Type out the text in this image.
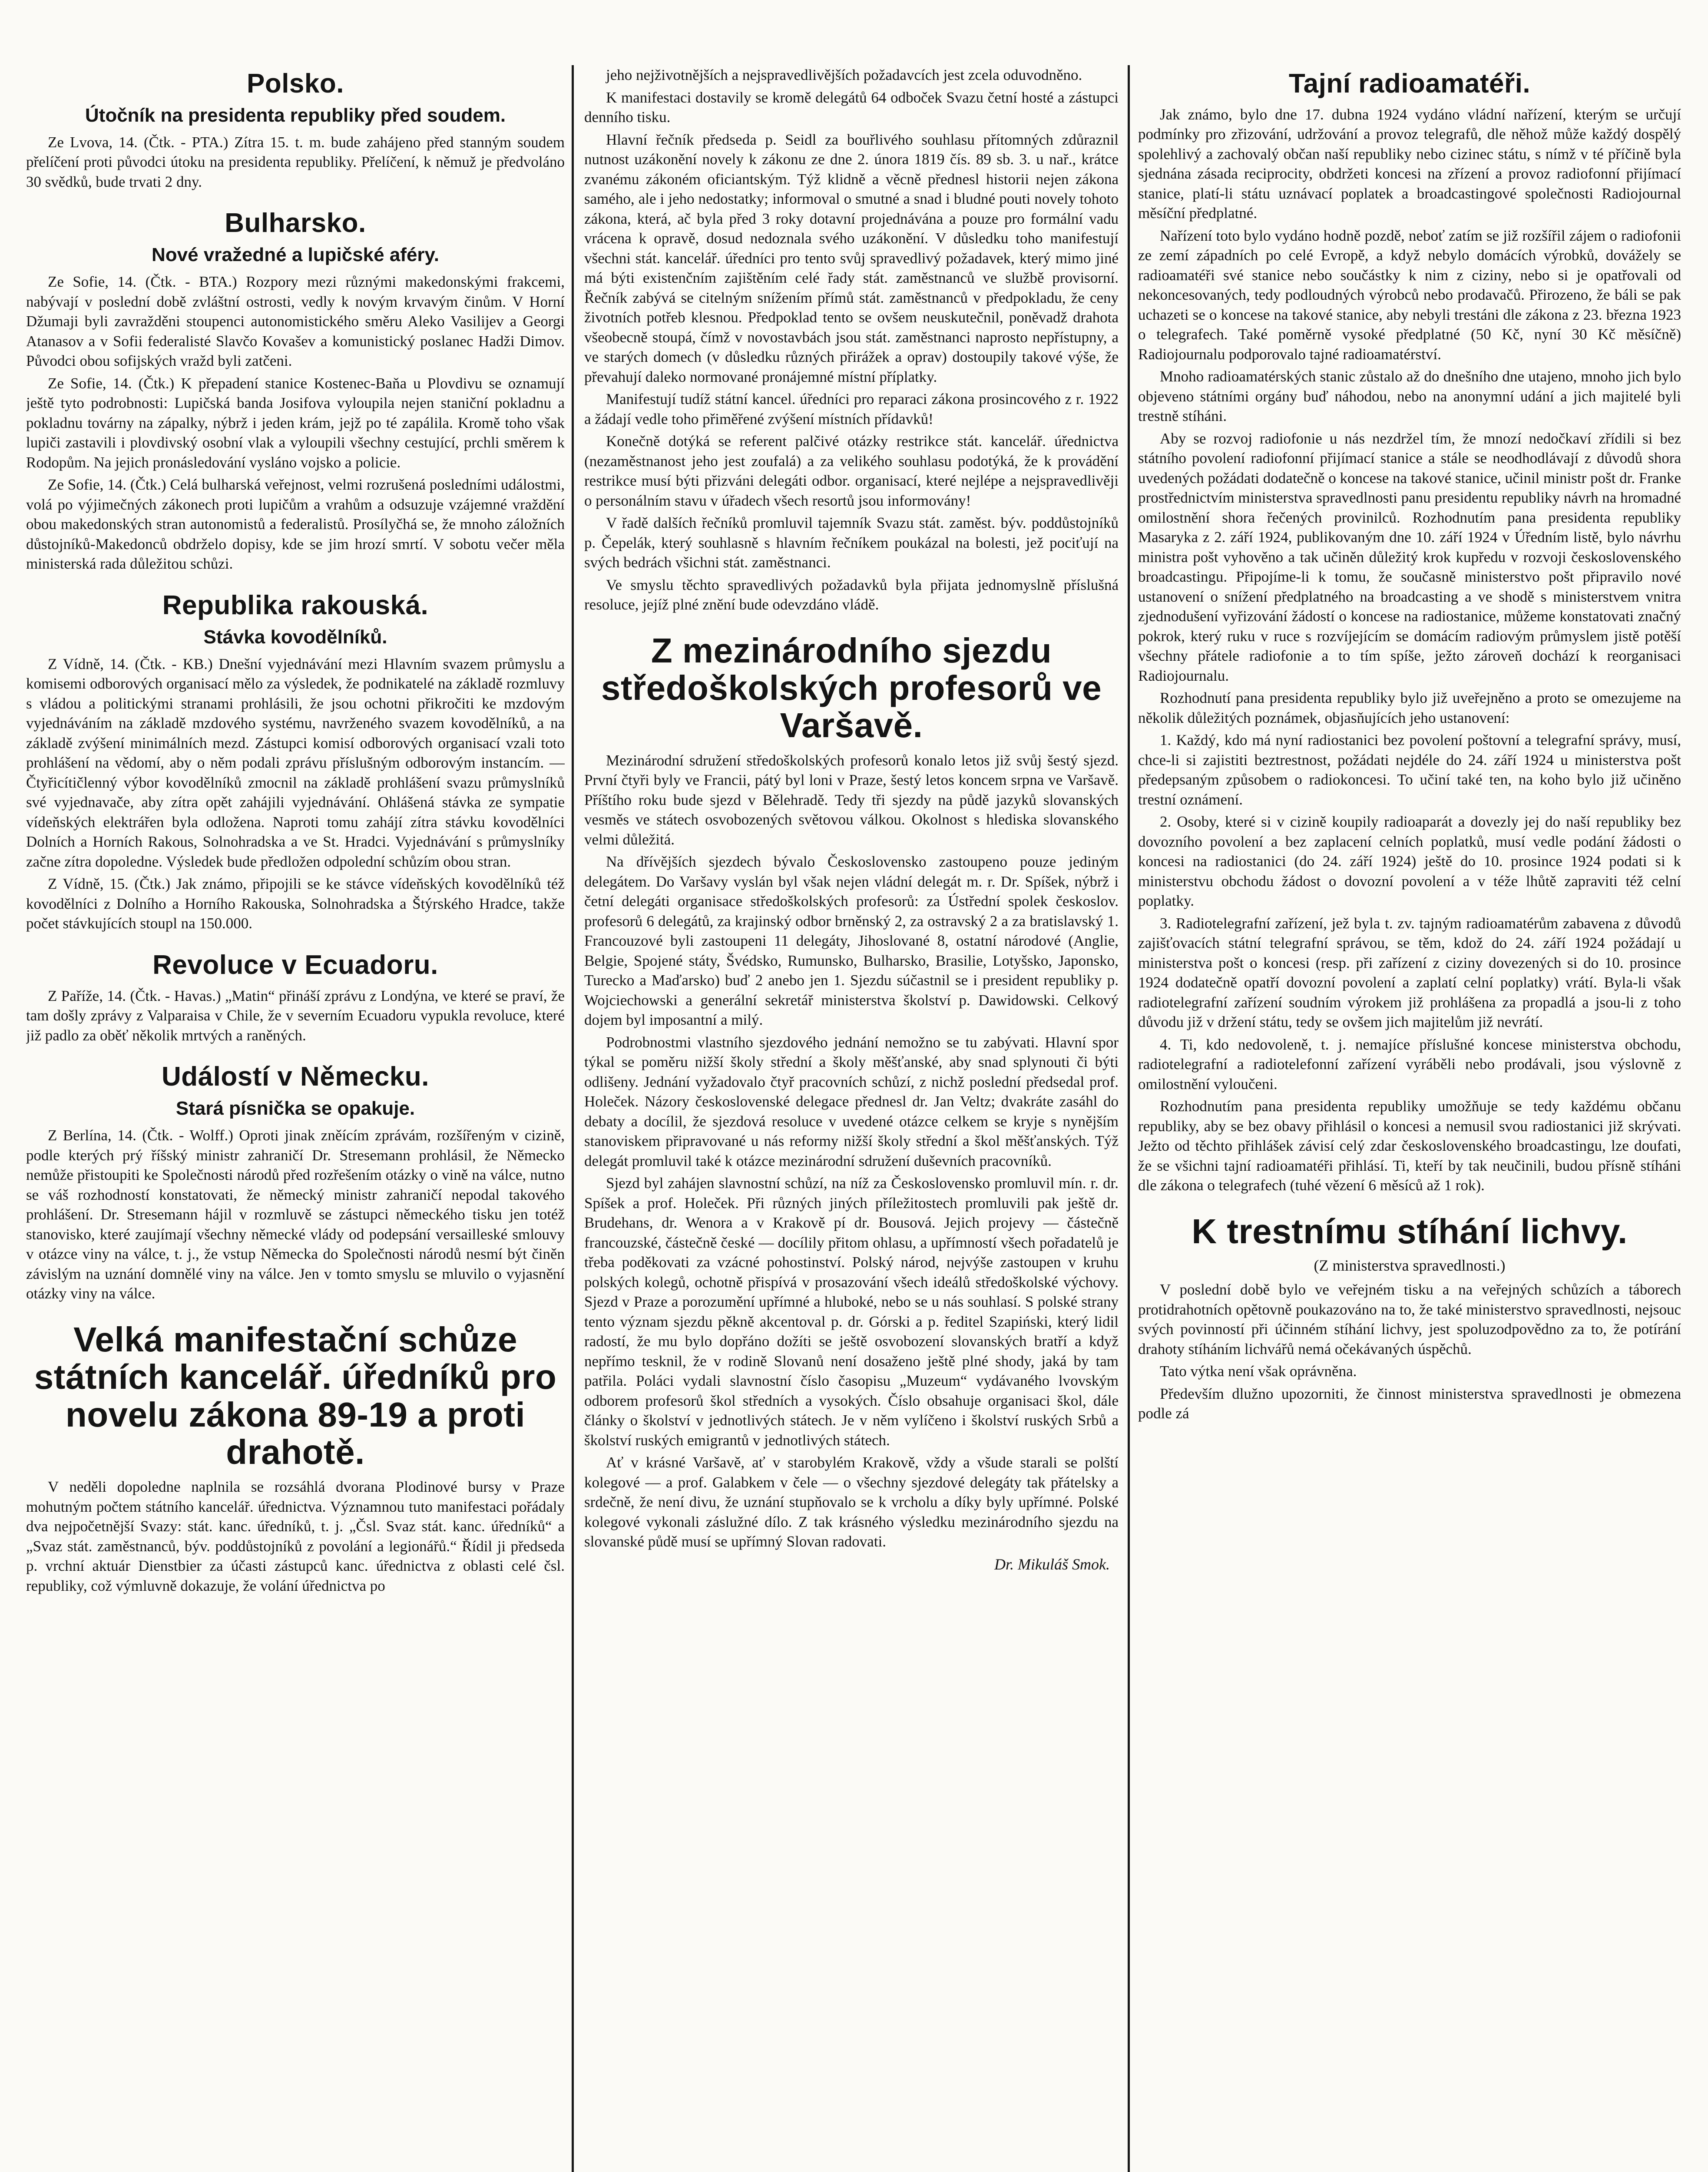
Polsko.
Útočník na presidenta republiky před soudem.

Ze Lvova, 14. (Čtk. - PTA.) Zítra 15. t. m. bude zahájeno před stanným soudem přelíčení proti původci útoku na presidenta republiky. Přelíčení, k němuž je předvoláno 30 svědků, bude trvati 2 dny.

Bulharsko.
Nové vražedné a lupičské aféry.

Ze Sofie, 14. (Čtk. - BTA.) Rozpory mezi různými makedonskými frakcemi, nabývají v poslední době zvláštní ostrosti, vedly k novým krvavým činům. V Horní Džumaji byli zavražděni stoupenci autonomistického směru Aleko Vasilijev a Georgi Atanasov a v Sofii federalisté Slavčo Kovašev a komunistický poslanec Hadži Dimov. Původci obou sofijských vražd byli zatčeni.

Ze Sofie, 14. (Čtk.) K přepadení stanice Kostenec-Baňa u Plovdivu se oznamují ještě tyto podrobnosti: Lupičská banda Josifova vyloupila nejen staniční pokladnu a pokladnu továrny na zápalky, nýbrž i jeden krám, jejž po té zapálila. Kromě toho však lupiči zastavili i plovdivský osobní vlak a vyloupili všechny cestující, prchli směrem k Rodopům. Na jejich pronásledování vysláno vojsko a policie.

Ze Sofie, 14. (Čtk.) Celá bulharská veřejnost, velmi rozrušená posledními událostmi, volá po výjimečných zákonech proti lupičům a vrahům a odsuzuje vzájemné vraždění obou makedonských stran autonomistů a federalistů. Prosílyčhá se, že mnoho záložních důstojníků-Makedonců obdrželo dopisy, kde se jim hrozí smrtí. V sobotu večer měla ministerská rada důležitou schůzi.

Republika rakouská.
Stávka kovodělníků.

Z Vídně, 14. (Čtk. - KB.) Dnešní vyjednávání mezi Hlavním svazem průmyslu a komisemi odborových organisací mělo za výsledek, že podnikatelé na základě rozmluvy s vládou a politickými stranami prohlásili, že jsou ochotni přikročiti ke mzdovým vyjednáváním na základě mzdového systému, navrženého svazem kovodělníků, a na základě zvýšení minimálních mezd. Zástupci komisí odborových organisací vzali toto prohlášení na vědomí, aby o něm podali zprávu příslušným odborovým instancím. — Čtyřicítičlenný výbor kovodělníků zmocnil na základě prohlášení svazu průmyslníků své vyjednavače, aby zítra opět zahájili vyjednávání. Ohlášená stávka ze sympatie vídeňských elektrářen byla odložena. Naproti tomu zahájí zítra stávku kovodělníci Dolních a Horních Rakous, Solnohradska a ve St. Hradci. Vyjednávání s průmyslníky začne zítra dopoledne. Výsledek bude předložen odpolední schůzím obou stran.

Z Vídně, 15. (Čtk.) Jak známo, připojili se ke stávce vídeňských kovodělníků též kovodělníci z Dolního a Horního Rakouska, Solnohradska a Štýrského Hradce, takže počet stávkujících stoupl na 150.000.

Revoluce v Ecuadoru.

Z Paříže, 14. (Čtk. - Havas.) „Matin“ přináší zprávu z Londýna, ve které se praví, že tam došly zprávy z Valparaisa v Chile, že v severním Ecuadoru vypukla revoluce, které již padlo za oběť několik mrtvých a raněných.

Událostí v Německu.
Stará písnička se opakuje.

Z Berlína, 14. (Čtk. - Wolff.) Oproti jinak zněícím zprávám, rozšířeným v cizině, podle kterých prý říšský ministr zahraničí Dr. Stresemann prohlásil, že Německo nemůže přistoupiti ke Společnosti národů před rozřešením otázky o vině na válce, nutno se váš rozhodností konstatovati, že německý ministr zahraničí nepodal takového prohlášení. Dr. Stresemann hájil v rozmluvě se zástupci německého tisku jen totéž stanovisko, které zaujímají všechny německé vlády od podepsání versailleské smlouvy v otázce viny na válce, t. j., že vstup Německa do Společnosti národů nesmí být činěn závislým na uznání domnělé viny na válce. Jen v tomto smyslu se mluvilo o vyjasnění otázky viny na válce.

Velká manifestační schůze státních kancelář. úředníků pro novelu zákona 89-19 a proti drahotě.

V neděli dopoledne naplnila se rozsáhlá dvorana Plodinové bursy v Praze mohutným počtem státního kancelář. úřednictva. Významnou tuto manifestaci pořádaly dva nejpočetnější Svazy: stát. kanc. úředníků, t. j. „Čsl. Svaz stát. kanc. úředníků“ a „Svaz stát. zaměstnanců, býv. poddůstojníků z povolání a legionářů.“ Řídil ji předseda p. vrchní aktuár Dienstbier za účasti zástupců kanc. úřednictva z oblasti celé čsl. republiky, což výmluvně dokazuje, že volání úřednictva po

jeho nejživotnějších a nejspravedlivějších požadavcích jest zcela oduvodněno.

K manifestaci dostavily se kromě delegátů 64 odboček Svazu četní hosté a zástupci denního tisku.

Hlavní řečník předseda p. Seidl za bouřlivého souhlasu přítomných zdůraznil nutnost uzákonění novely k zákonu ze dne 2. února 1819 čís. 89 sb. 3. u nař., krátce zvanému zákoném oficiantským. Týž klidně a věcně přednesl historii nejen zákona samého, ale i jeho nedostatky; informoval o smutné a snad i bludné pouti novely tohoto zákona, která, ač byla před 3 roky dotavní projednávána a pouze pro formální vadu vrácena k opravě, dosud nedoznala svého uzákonění. V důsledku toho manifestují všechni stát. kancelář. úředníci pro tento svůj spravedlivý požadavek, který mimo jiné má býti existenčním zajištěním celé řady stát. zaměstnanců ve službě provisorní. Řečník zabývá se citelným snížením přímů stát. zaměstnanců v předpokladu, že ceny životních potřeb klesnou. Předpoklad tento se ovšem neuskutečnil, poněvadž drahota všeobecně stoupá, čímž v novostavbách jsou stát. zaměstnanci naprosto nepřístupny, a ve starých domech (v důsledku různých přirážek a oprav) dostoupily takové výše, že převahují daleko normované pronájemné místní příplatky.

Manifestují tudíž státní kancel. úředníci pro reparaci zákona prosincového z r. 1922 a žádají vedle toho přiměřené zvýšení místních přídavků!

Konečně dotýká se referent palčivé otázky restrikce stát. kancelář. úřednictva (nezaměstnanost jeho jest zoufalá) a za velikého souhlasu podotýká, že k provádění restrikce musí býti přizváni delegáti odbor. organisací, které nejlépe a nejspravedlivěji o personálním stavu v úřadech všech resortů jsou informovány!

V řadě dalších řečníků promluvil tajemník Svazu stát. zaměst. býv. poddůstojníků p. Čepelák, který souhlasně s hlavním řečníkem poukázal na bolesti, jež pociťují na svých bedrách všichni stát. zaměstnanci.

Ve smyslu těchto spravedlivých požadavků byla přijata jednomyslně příslušná resoluce, jejíž plné znění bude odevzdáno vládě.

Z mezinárodního sjezdu středoškolských profesorů ve Varšavě.

Mezinárodní sdružení středoškolských profesorů konalo letos již svůj šestý sjezd. První čtyři byly ve Francii, pátý byl loni v Praze, šestý letos koncem srpna ve Varšavě. Příštího roku bude sjezd v Bělehradě. Tedy tři sjezdy na půdě jazyků slovanských vesměs ve státech osvobozených světovou válkou. Okolnost s hlediska slovanského velmi důležitá.

Na dřívějších sjezdech bývalo Československo zastoupeno pouze jediným delegátem. Do Varšavy vyslán byl však nejen vládní delegát m. r. Dr. Spíšek, nýbrž i četní delegáti organisace středoškolských profesorů: za Ústřední spolek českoslov. profesorů 6 delegátů, za krajinský odbor brněnský 2, za ostravský 2 a za bratislavský 1. Francouzové byli zastoupeni 11 delegáty, Jihoslované 8, ostatní národové (Anglie, Belgie, Spojené státy, Švédsko, Rumunsko, Bulharsko, Brasilie, Lotyšsko, Japonsko, Turecko a Maďarsko) buď 2 anebo jen 1. Sjezdu súčastnil se i president republiky p. Wojciechowski a generální sekretář ministerstva školství p. Dawidowski. Celkový dojem byl imposantní a milý.

Podrobnostmi vlastního sjezdového jednání nemožno se tu zabývati. Hlavní spor týkal se poměru nižší školy střední a školy měšťanské, aby snad splynouti či býti odlišeny. Jednání vyžadovalo čtyř pracovních schůzí, z nichž poslední předsedal prof. Holeček. Názory československé delegace přednesl dr. Jan Veltz; dvakráte zasáhl do debaty a docílil, že sjezdová resoluce v uvedené otázce celkem se kryje s nynějším stanoviskem připravované u nás reformy nižší školy střední a škol měšťanských. Týž delegát promluvil také k otázce mezinárodní sdružení duševních pracovníků.

Sjezd byl zahájen slavnostní schůzí, na níž za Československo promluvil mín. r. dr. Spíšek a prof. Holeček. Při různých jiných příležitostech promluvili pak ještě dr. Brudehans, dr. Wenora a v Krakově pí dr. Bousová. Jejich projevy — částečně francouzské, částečně české — docílily přitom ohlasu, a upřímností všech pořadatelů je třeba poděkovati za vzácné pohostinství. Polský národ, nejvýše zastoupen v kruhu polských kolegů, ochotně přispívá v prosazování všech ideálů středoškolské výchovy. Sjezd v Praze a porozumění upřímné a hluboké, nebo se u nás souhlasí. S polské strany tento význam sjezdu pěkně akcentoval p. dr. Górski a p. ředitel Szapiński, který lidil radostí, že mu bylo dopřáno dožíti se ještě osvobození slovanských bratří a když nepřímo tesknil, že v rodině Slovanů není dosaženo ještě plné shody, jaká by tam patřila. Poláci vydali slavnostní číslo časopisu „Muzeum“ vydávaného lvovským odborem profesorů škol středních a vysokých. Číslo obsahuje organisaci škol, dále články o školství v jednotlivých státech. Je v něm vylíčeno i školství ruských Srbů a školství ruských emigrantů v jednotlivých státech.

Ať v krásné Varšavě, ať v starobylém Krakově, vždy a všude starali se polští kolegové — a prof. Galabkem v čele — o všechny sjezdové delegáty tak přátelsky a srdečně, že není divu, že uznání stupňovalo se k vrcholu a díky byly upřímné. Polské kolegové vykonali záslužné dílo. Z tak krásného výsledku mezinárodního sjezdu na slovanské půdě musí se upřímný Slovan radovati.

Dr. Mikuláš Smok.
Tajní radioamatéři.

Jak známo, bylo dne 17. dubna 1924 vydáno vládní nařízení, kterým se určují podmínky pro zřizování, udržování a provoz telegrafů, dle něhož může každý dospělý spolehlivý a zachovalý občan naší republiky nebo cizinec státu, s nímž v té příčině byla sjednána zásada reciprocity, obdržeti koncesi na zřízení a provoz radiofonní přijímací stanice, platí-li státu uznávací poplatek a broadcastingové společnosti Radiojournal měsíční předplatné.

Nařízení toto bylo vydáno hodně pozdě, neboť zatím se již rozšířil zájem o radiofonii ze zemí západních po celé Evropě, a když nebylo domácích výrobků, dovážely se radioamatéři své stanice nebo součástky k nim z ciziny, nebo si je opatřovali od nekoncesovaných, tedy podloudných výrobců nebo prodavačů. Přirozeno, že báli se pak uchazeti se o koncese na takové stanice, aby nebyli trestáni dle zákona z 23. března 1923 o telegrafech. Také poměrně vysoké předplatné (50 Kč, nyní 30 Kč měsíčně) Radiojournalu podporovalo tajné radioamatérství.

Mnoho radioamatérských stanic zůstalo až do dnešního dne utajeno, mnoho jich bylo objeveno státními orgány buď náhodou, nebo na anonymní udání a jich majitelé byli trestně stíháni.

Aby se rozvoj radiofonie u nás nezdržel tím, že mnozí nedočkaví zřídili si bez státního povolení radiofonní přijímací stanice a stále se neodhodlávají z důvodů shora uvedených požádati dodatečně o koncese na takové stanice, učinil ministr pošt dr. Franke prostřednictvím ministerstva spravedlnosti panu presidentu republiky návrh na hromadné omilostnění shora řečených provinilců. Rozhodnutím pana presidenta republiky Masaryka z 2. září 1924, publikovaným dne 10. září 1924 v Úředním listě, bylo návrhu ministra pošt vyhověno a tak učiněn důležitý krok kupředu v rozvoji československého broadcastingu. Připojíme-li k tomu, že současně ministerstvo pošt připravilo nové ustanovení o snížení předplatného na broadcasting a ve shodě s ministerstvem vnitra zjednodušení vyřizování žádostí o koncese na radiostanice, můžeme konstatovati značný pokrok, který ruku v ruce s rozvíjejícím se domácím radiovým průmyslem jistě potěší všechny přátele radiofonie a to tím spíše, ježto zároveň dochází k reorganisaci Radiojournalu.

Rozhodnutí pana presidenta republiky bylo již uveřejněno a proto se omezujeme na několik důležitých poznámek, objasňujících jeho ustanovení:

1. Každý, kdo má nyní radiostanici bez povolení poštovní a telegrafní správy, musí, chce-li si zajistiti beztrestnost, požádati nejdéle do 24. září 1924 u ministerstva pošt předepsaným způsobem o radiokoncesi. To učiní také ten, na koho bylo již učiněno trestní oznámení.

2. Osoby, které si v cizině koupily radioaparát a dovezly jej do naší republiky bez dovozního povolení a bez zaplacení celních poplatků, musí vedle podání žádosti o koncesi na radiostanici (do 24. září 1924) ještě do 10. prosince 1924 podati si k ministerstvu obchodu žádost o dovozní povolení a v téže lhůtě zapraviti též celní poplatky.

3. Radiotelegrafní zařízení, jež byla t. zv. tajným radioamatérům zabavena z důvodů zajišťovacích státní telegrafní správou, se těm, kdož do 24. září 1924 požádají u ministerstva pošt o koncesi (resp. při zařízení z ciziny dovezených si do 10. prosince 1924 dodatečně opatří dovozní povolení a zaplatí celní poplatky) vrátí. Byla-li však radiotelegrafní zařízení soudním výrokem již prohlášena za propadlá a jsou-li z toho důvodu již v držení státu, tedy se ovšem jich majitelům již nevrátí.

4. Ti, kdo nedovoleně, t. j. nemajíce příslušné koncese ministerstva obchodu, radiotelegrafní a radiotelefonní zařízení vyráběli nebo prodávali, jsou výslovně z omilostnění vyloučeni.

Rozhodnutím pana presidenta republiky umožňuje se tedy každému občanu republiky, aby se bez obavy přihlásil o koncesi a nemusil svou radiostanici již skrývati. Ježto od těchto přihlášek závisí celý zdar československého broadcastingu, lze doufati, že se všichni tajní radioamatéři přihlásí. Ti, kteří by tak neučinili, budou přísně stíháni dle zákona o telegrafech (tuhé vězení 6 měsíců až 1 rok).

K trestnímu stíhání lichvy.
(Z ministerstva spravedlnosti.)

V poslední době bylo ve veřejném tisku a na veřejných schůzích a táborech protidrahotních opětovně poukazováno na to, že také ministerstvo spravedlnosti, nejsouc svých povinností při účinném stíhání lichvy, jest spoluzodpovědno za to, že potírání drahoty stíháním lichvářů nemá očekávaných úspěchů.

Tato výtka není však oprávněna.

Především dlužno upozorniti, že činnost ministerstva spravedlnosti je obmezena podle zá
